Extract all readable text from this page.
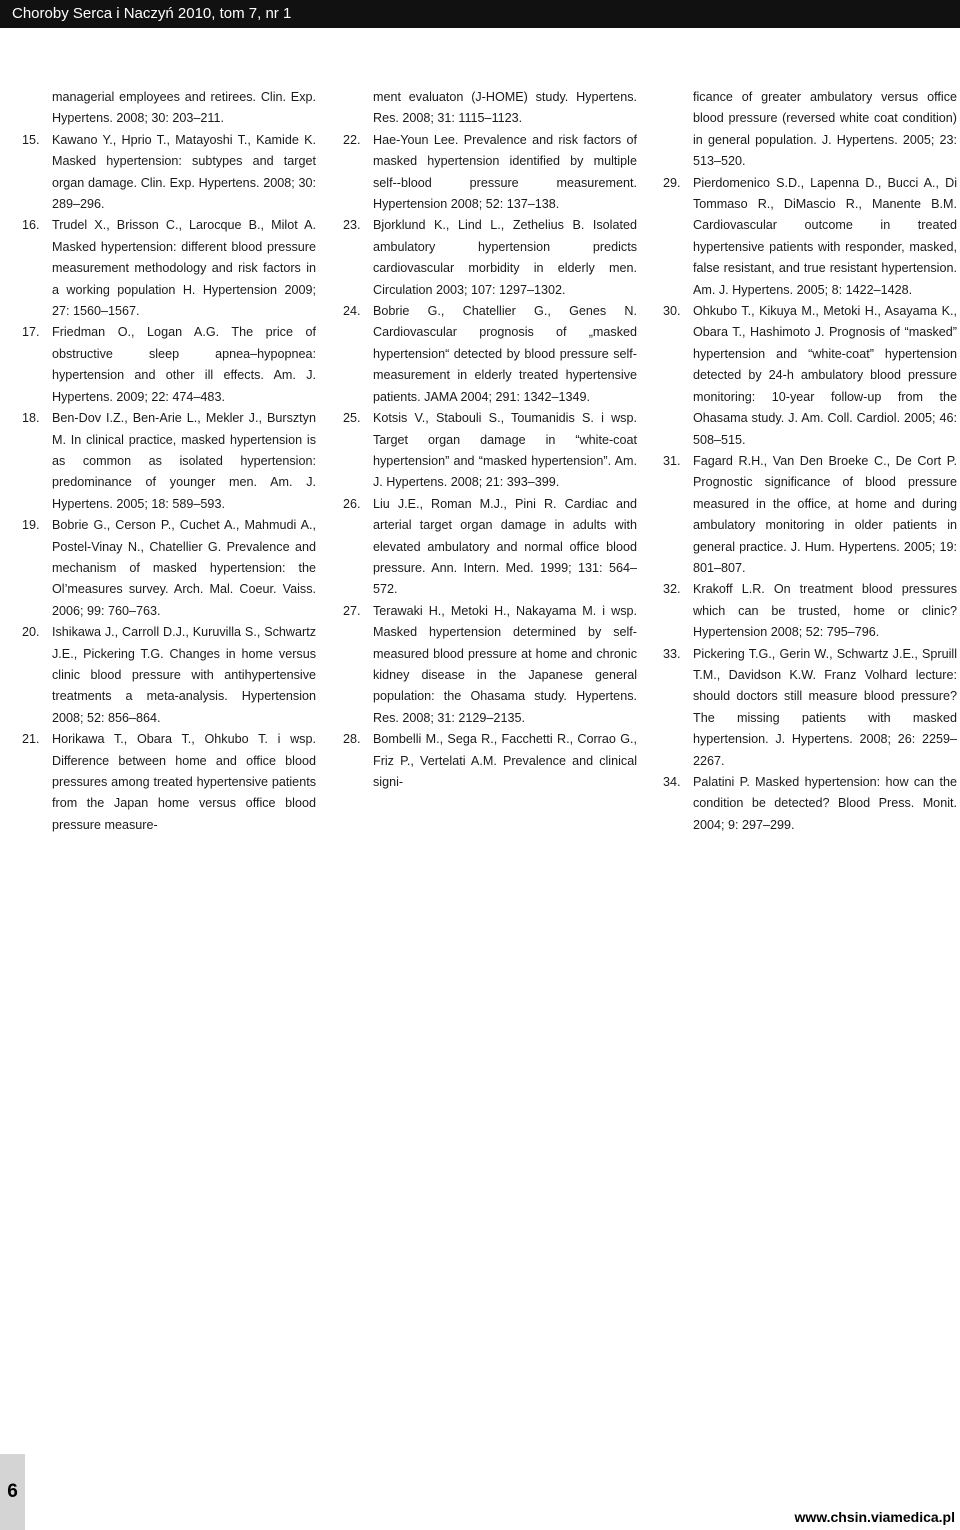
Choroby Serca i Naczyń 2010, tom 7, nr 1

managerial employees and retirees. Clin. Exp. Hypertens. 2008; 30: 203–211.

15. Kawano Y., Hprio T., Matayoshi T., Kamide K. Masked hypertension: subtypes and target organ damage. Clin. Exp. Hypertens. 2008; 30: 289–296.

16. Trudel X., Brisson C., Larocque B., Milot A. Masked hypertension: different blood pressure measurement methodology and risk factors in a working population H. Hypertension 2009; 27: 1560–1567.

17. Friedman O., Logan A.G. The price of obstructive sleep apnea–hypopnea: hypertension and other ill effects. Am. J. Hypertens. 2009; 22: 474–483.

18. Ben-Dov I.Z., Ben-Arie L., Mekler J., Bursztyn M. In clinical practice, masked hypertension is as common as isolated hypertension: predominance of younger men. Am. J. Hypertens. 2005; 18: 589–593.

19. Bobrie G., Cerson P., Cuchet A., Mahmudi A., Postel-Vinay N., Chatellier G. Prevalence and mechanism of masked hypertension: the Ol’measures survey. Arch. Mal. Coeur. Vaiss. 2006; 99: 760–763.

20. Ishikawa J., Carroll D.J., Kuruvilla S., Schwartz J.E., Pickering T.G. Changes in home versus clinic blood pressure with antihypertensive treatments a meta-analysis. Hypertension 2008; 52: 856–864.

21. Horikawa T., Obara T., Ohkubo T. i wsp. Difference between home and office blood pressures among treated hypertensive patients from the Japan home versus office blood pressure measure-

ment evaluaton (J-HOME) study. Hypertens. Res. 2008; 31: 1115–1123.

22. Hae-Youn Lee. Prevalence and risk factors of masked hypertension identified by multiple self--blood pressure measurement. Hypertension 2008; 52: 137–138.

23. Bjorklund K., Lind L., Zethelius B. Isolated ambulatory hypertension predicts cardiovascular morbidity in elderly men. Circulation 2003; 107: 1297–1302.

24. Bobrie G., Chatellier G., Genes N. Cardiovascular prognosis of „masked hypertension“ detected by blood pressure self-measurement in elderly treated hypertensive patients. JAMA 2004; 291: 1342–1349.

25. Kotsis V., Stabouli S., Toumanidis S. i wsp. Target organ damage in “white-coat hypertension” and “masked hypertension”. Am. J. Hypertens. 2008; 21: 393–399.

26. Liu J.E., Roman M.J., Pini R. Cardiac and arterial target organ damage in adults with elevated ambulatory and normal office blood pressure. Ann. Intern. Med. 1999; 131: 564–572.

27. Terawaki H., Metoki H., Nakayama M. i wsp. Masked hypertension determined by self-measured blood pressure at home and chronic kidney disease in the Japanese general population: the Ohasama study. Hypertens. Res. 2008; 31: 2129–2135.

28. Bombelli M., Sega R., Facchetti R., Corrao G., Friz P., Vertelati A.M. Prevalence and clinical signi-

ficance of greater ambulatory versus office blood pressure (reversed white coat condition) in general population. J. Hypertens. 2005; 23: 513–520.

29. Pierdomenico S.D., Lapenna D., Bucci A., Di Tommaso R., DiMascio R., Manente B.M. Cardiovascular outcome in treated hypertensive patients with responder, masked, false resistant, and true resistant hypertension. Am. J. Hypertens. 2005; 8: 1422–1428.

30. Ohkubo T., Kikuya M., Metoki H., Asayama K., Obara T., Hashimoto J. Prognosis of “masked” hypertension and “white-coat” hypertension detected by 24-h ambulatory blood pressure monitoring: 10-year follow-up from the Ohasama study. J. Am. Coll. Cardiol. 2005; 46: 508–515.

31. Fagard R.H., Van Den Broeke C., De Cort P. Prognostic significance of blood pressure measured in the office, at home and during ambulatory monitoring in older patients in general practice. J. Hum. Hypertens. 2005; 19: 801–807.

32. Krakoff L.R. On treatment blood pressures which can be trusted, home or clinic? Hypertension 2008; 52: 795–796.

33. Pickering T.G., Gerin W., Schwartz J.E., Spruill T.M., Davidson K.W. Franz Volhard lecture: should doctors still measure blood pressure? The missing patients with masked hypertension. J. Hypertens. 2008; 26: 2259–2267.

34. Palatini P. Masked hypertension: how can the condition be detected? Blood Press. Monit. 2004; 9: 297–299.

6
www.chsin.viamedica.pl
